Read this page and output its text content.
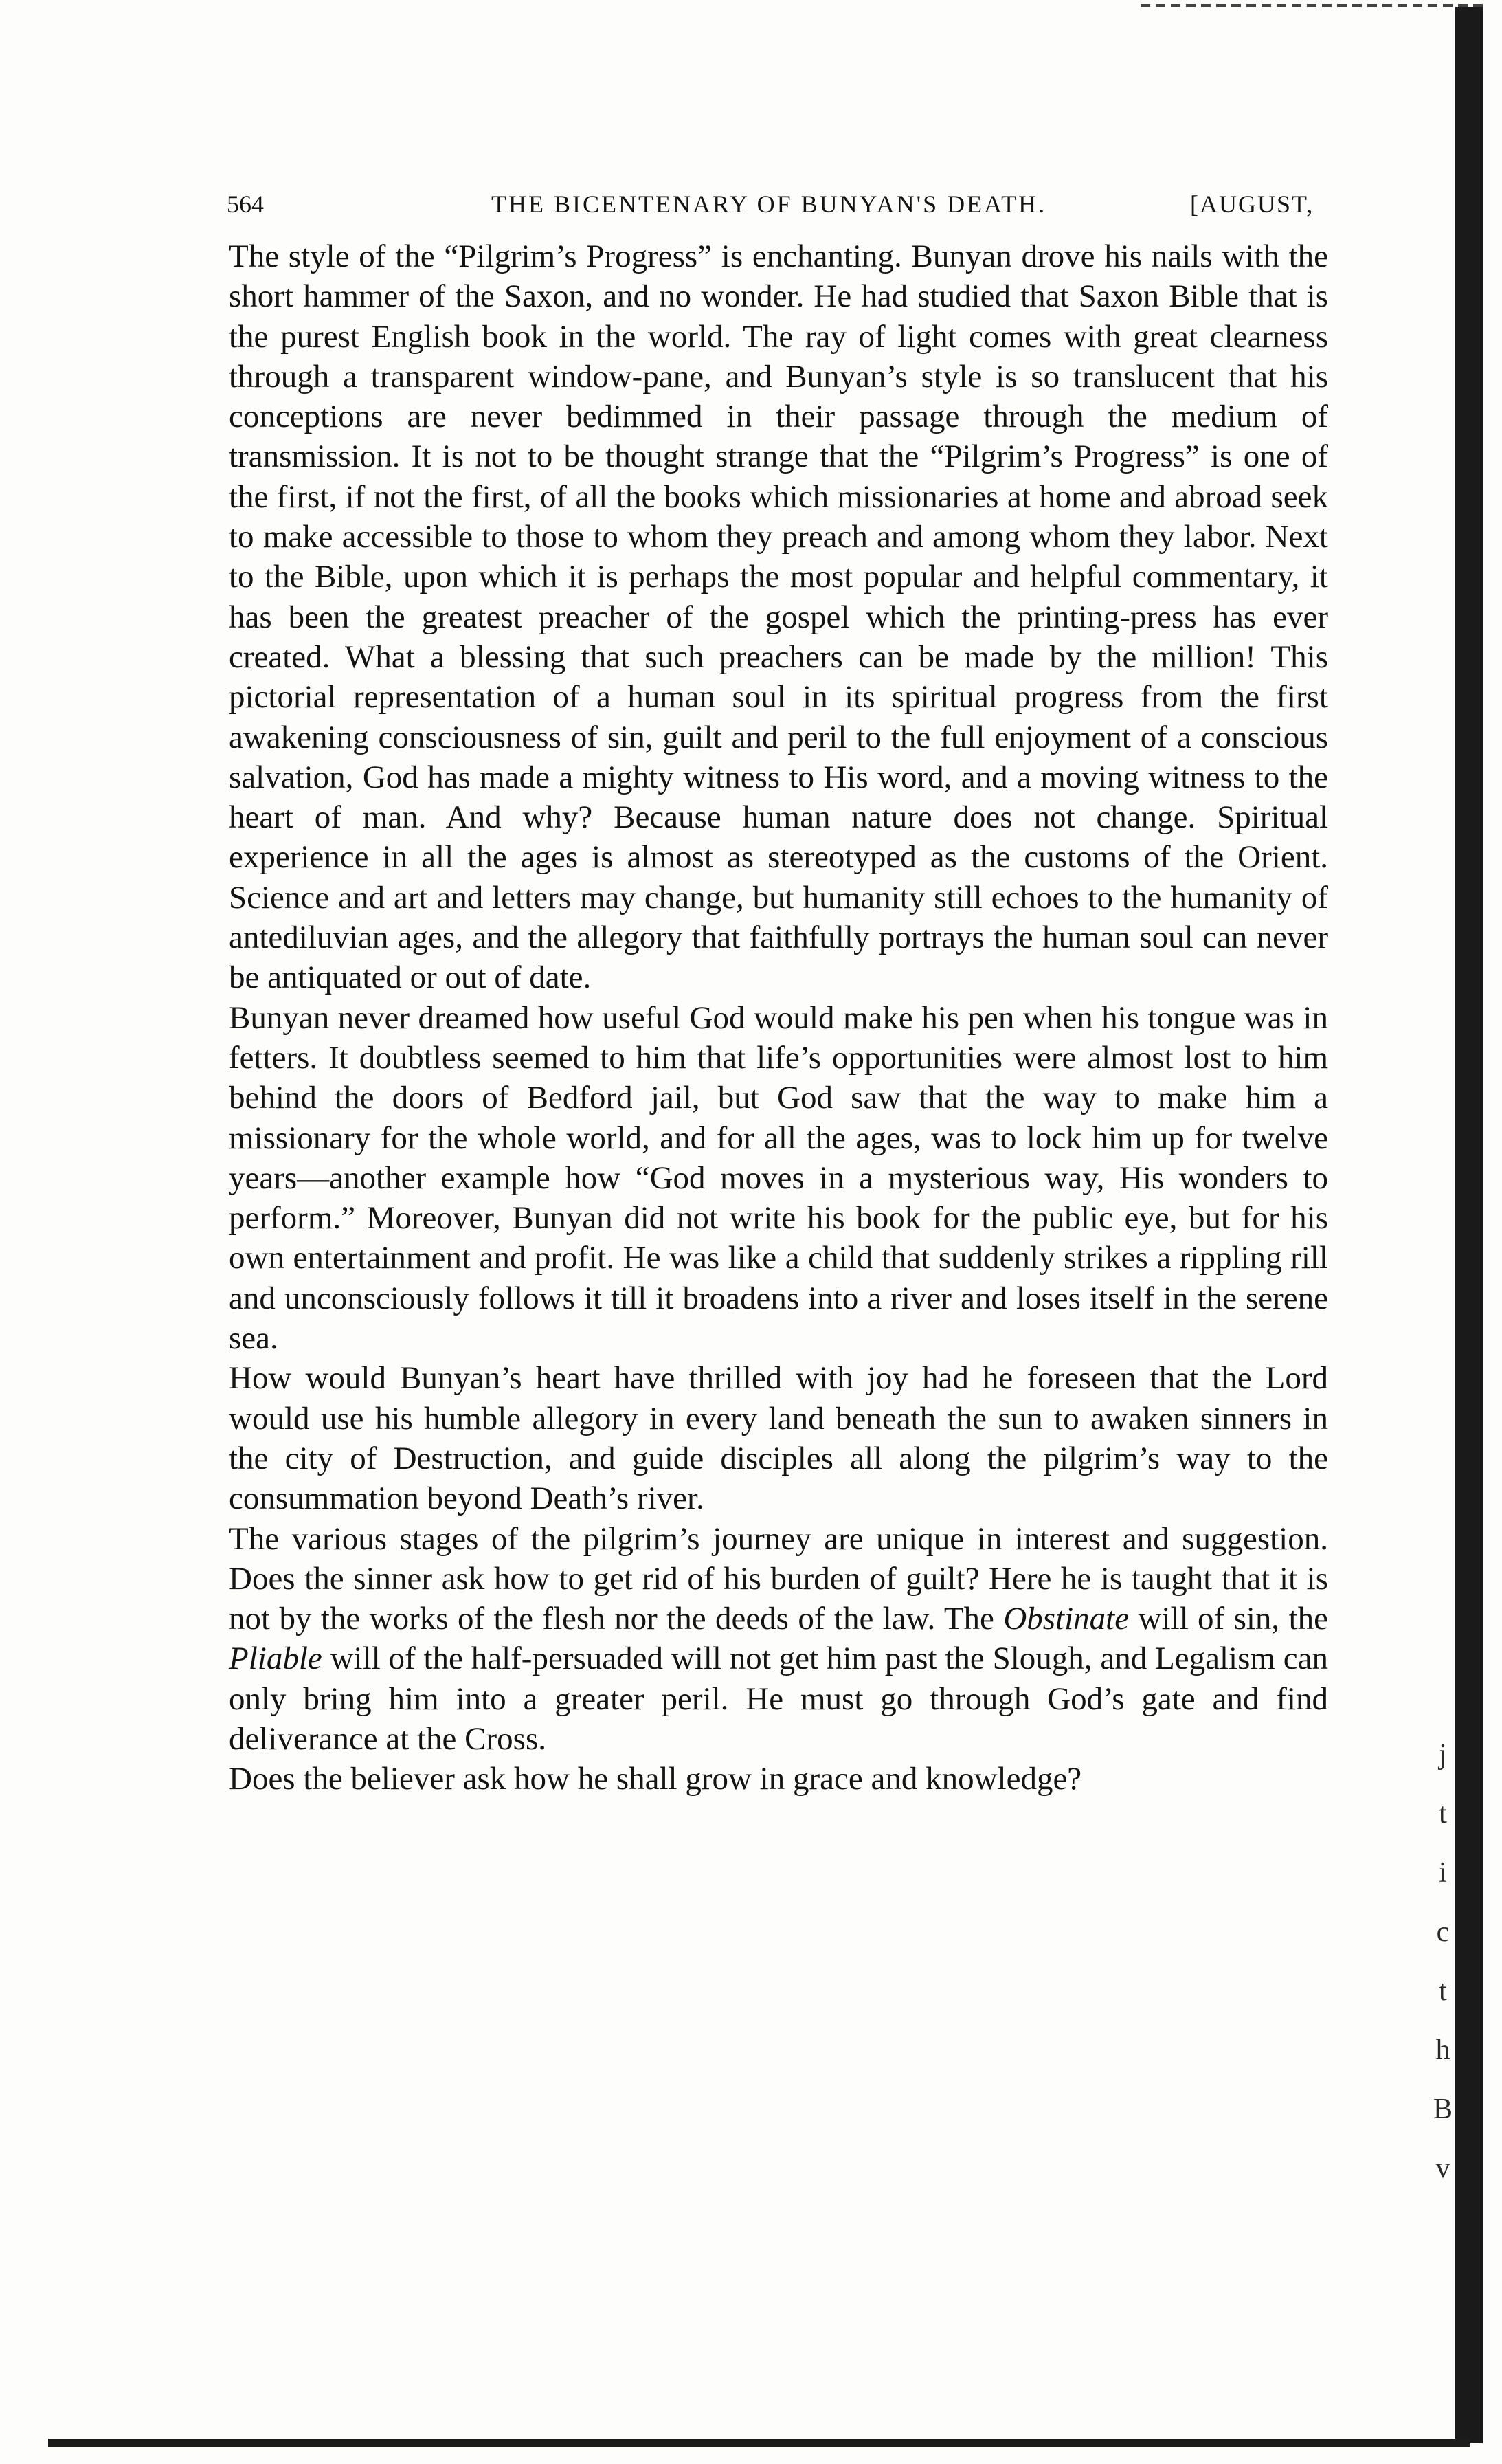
564	THE BICENTENARY OF BUNYAN'S DEATH.	[AUGUST,

The style of the “Pilgrim’s Progress” is enchanting. Bunyan drove his nails with the short hammer of the Saxon, and no wonder. He had studied that Saxon Bible that is the purest English book in the world. The ray of light comes with great clearness through a transparent window-pane, and Bunyan’s style is so translucent that his conceptions are never bedimmed in their passage through the medium of transmission. It is not to be thought strange that the “Pilgrim’s Progress” is one of the first, if not the first, of all the books which missionaries at home and abroad seek to make accessible to those to whom they preach and among whom they labor. Next to the Bible, upon which it is perhaps the most popular and helpful commentary, it has been the greatest preacher of the gospel which the printing-press has ever created. What a blessing that such preachers can be made by the million! This pictorial representation of a human soul in its spiritual progress from the first awakening consciousness of sin, guilt and peril to the full enjoyment of a conscious salvation, God has made a mighty witness to His word, and a moving witness to the heart of man. And why? Because human nature does not change. Spiritual experience in all the ages is almost as stereotyped as the customs of the Orient. Science and art and letters may change, but humanity still echoes to the humanity of antediluvian ages, and the allegory that faithfully portrays the human soul can never be antiquated or out of date.

Bunyan never dreamed how useful God would make his pen when his tongue was in fetters. It doubtless seemed to him that life’s opportunities were almost lost to him behind the doors of Bedford jail, but God saw that the way to make him a missionary for the whole world, and for all the ages, was to lock him up for twelve years—another example how “God moves in a mysterious way, His wonders to perform.” Moreover, Bunyan did not write his book for the public eye, but for his own entertainment and profit. He was like a child that suddenly strikes a rippling rill and unconsciously follows it till it broadens into a river and loses itself in the serene sea.

How would Bunyan’s heart have thrilled with joy had he foreseen that the Lord would use his humble allegory in every land beneath the sun to awaken sinners in the city of Destruction, and guide disciples all along the pilgrim’s way to the consummation beyond Death’s river.

The various stages of the pilgrim’s journey are unique in interest and suggestion. Does the sinner ask how to get rid of his burden of guilt? Here he is taught that it is not by the works of the flesh nor the deeds of the law. The Obstinate will of sin, the Pliable will of the half-persuaded will not get him past the Slough, and Legalism can only bring him into a greater peril. He must go through God’s gate and find deliverance at the Cross.

Does the believer ask how he shall grow in grace and knowledge?

j
t
i
c
t
h
B
v
